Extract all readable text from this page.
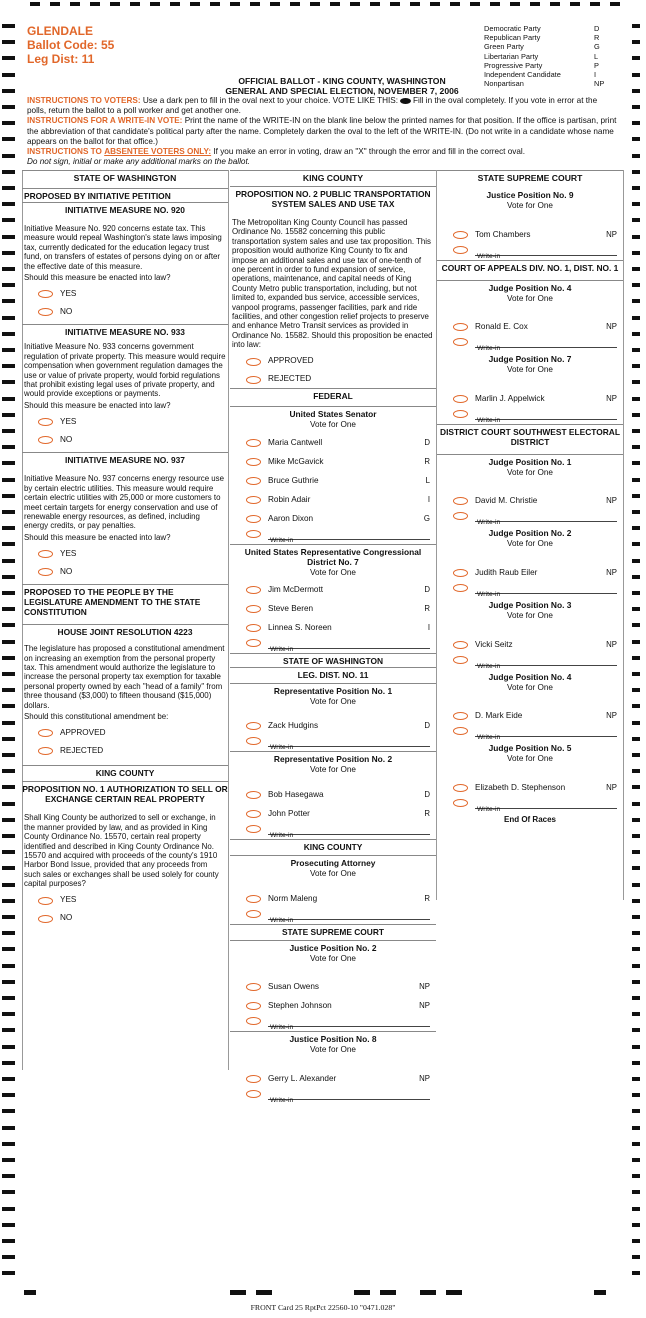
GLENDALE
Ballot Code: 55
Leg Dist: 11
OFFICIAL BALLOT - KING COUNTY, WASHINGTON
GENERAL AND SPECIAL ELECTION, NOVEMBER 7, 2006
Democratic Party	D
Republican Party	R
Green Party	G
Libertarian Party	L
Progressive Party	P
Independent Candidate	I
Nonpartisan	NP
INSTRUCTIONS TO VOTERS: Use a dark pen to fill in the oval next to your choice. VOTE LIKE THIS: Fill in the oval completely. If you vote in error at the polls, return the ballot to a poll worker and get another one.
INSTRUCTIONS FOR A WRITE-IN VOTE: Print the name of the WRITE-IN on the blank line below the printed names for that position. If the office is partisan, print the abbreviation of that candidate's political party after the name. Completely darken the oval to the left of the WRITE-IN. (Do not write in a candidate whose name appears on the ballot for that office.)
INSTRUCTIONS TO ABSENTEE VOTERS ONLY: If you make an error in voting, draw an "X" through the error and fill in the correct oval.
Do not sign, initial or make any additional marks on the ballot.
STATE OF WASHINGTON
PROPOSED BY INITIATIVE PETITION
INITIATIVE MEASURE NO. 920
Initiative Measure No. 920 concerns estate tax. This measure would repeal Washington's state laws imposing tax, currently dedicated for the education legacy trust fund, on transfers of estates of persons dying on or after the effective date of this measure.
Should this measure be enacted into law?
YES
NO
INITIATIVE MEASURE NO. 933
Initiative Measure No. 933 concerns government regulation of private property. This measure would require compensation when government regulation damages the use or value of private property, would forbid regulations that prohibit existing legal uses of private property, and would provide exceptions or payments.
Should this measure be enacted into law?
YES
NO
INITIATIVE MEASURE NO. 937
Initiative Measure No. 937 concerns energy resource use by certain electric utilities. This measure would require certain electric utilities with 25,000 or more customers to meet certain targets for energy conservation and use of renewable energy resources, as defined, including energy credits, or pay penalties.
Should this measure be enacted into law?
YES
NO
PROPOSED TO THE PEOPLE BY THE LEGISLATURE AMENDMENT TO THE STATE CONSTITUTION
HOUSE JOINT RESOLUTION 4223
The legislature has proposed a constitutional amendment on increasing an exemption from the personal property tax. This amendment would authorize the legislature to increase the personal property tax exemption for taxable personal property owned by each "head of a family" from three thousand ($3,000) to fifteen thousand ($15,000) dollars.
Should this constitutional amendment be:
APPROVED
REJECTED
KING COUNTY
PROPOSITION NO. 1 AUTHORIZATION TO SELL OR EXCHANGE CERTAIN REAL PROPERTY
Shall King County be authorized to sell or exchange, in the manner provided by law, and as provided in King County Ordinance No. 15570, certain real property identified and described in King County Ordinance No. 15570 and acquired with proceeds of the county's 1910 Harbor Bond Issue, provided that any proceeds from such sales or exchanges shall be used solely for county capital purposes?
YES
NO
KING COUNTY
PROPOSITION NO. 2 PUBLIC TRANSPORTATION SYSTEM SALES AND USE TAX
The Metropolitan King County Council has passed Ordinance No. 15582 concerning this public transportation system sales and use tax proposition. This proposition would authorize King County to fix and impose an additional sales and use tax of one-tenth of one percent in order to fund expansion of service, operations, maintenance, and capital needs of King County Metro public transportation, including, but not limited to, expanded bus service, accessible services, vanpool programs, passenger facilities, park and ride facilities, and other congestion relief projects to preserve and enhance Metro Transit services as provided in Ordinance No. 15582. Should this proposition be enacted into law:
APPROVED
REJECTED
FEDERAL
United States Senator
Vote for One
Maria Cantwell	D
Mike McGavick	R
Bruce Guthrie	L
Robin Adair	I
Aaron Dixon	G
Write-in
United States Representative Congressional District No. 7
Vote for One
Jim McDermott	D
Steve Beren	R
Linnea S. Noreen	I
Write-in
STATE OF WASHINGTON
LEG. DIST. NO. 11
Representative Position No. 1
Vote for One
Zack Hudgins	D
Write-in
Representative Position No. 2
Vote for One
Bob Hasegawa	D
John Potter	R
Write-in
KING COUNTY
Prosecuting Attorney
Vote for One
Norm Maleng	R
Write-in
STATE SUPREME COURT
Justice Position No. 2
Vote for One
Susan Owens	NP
Stephen Johnson	NP
Write-in
Justice Position No. 8
Vote for One
Gerry L. Alexander	NP
Write-in
STATE SUPREME COURT
Justice Position No. 9
Vote for One
Tom Chambers	NP
Write-in
COURT OF APPEALS DIV. NO. 1, DIST. NO. 1
Judge Position No. 4
Vote for One
Ronald E. Cox	NP
Write-in
Judge Position No. 7
Vote for One
Marlin J. Appelwick	NP
Write-in
DISTRICT COURT SOUTHWEST ELECTORAL DISTRICT
Judge Position No. 1
Vote for One
David M. Christie	NP
Write-in
Judge Position No. 2
Vote for One
Judith Raub Eiler	NP
Write-in
Judge Position No. 3
Vote for One
Vicki Seitz	NP
Write-in
Judge Position No. 4
Vote for One
D. Mark Eide	NP
Write-in
Judge Position No. 5
Vote for One
Elizabeth D. Stephenson	NP
Write-in
End Of Races
FRONT Card 25 RptPct 22560-10 "0471.028"
